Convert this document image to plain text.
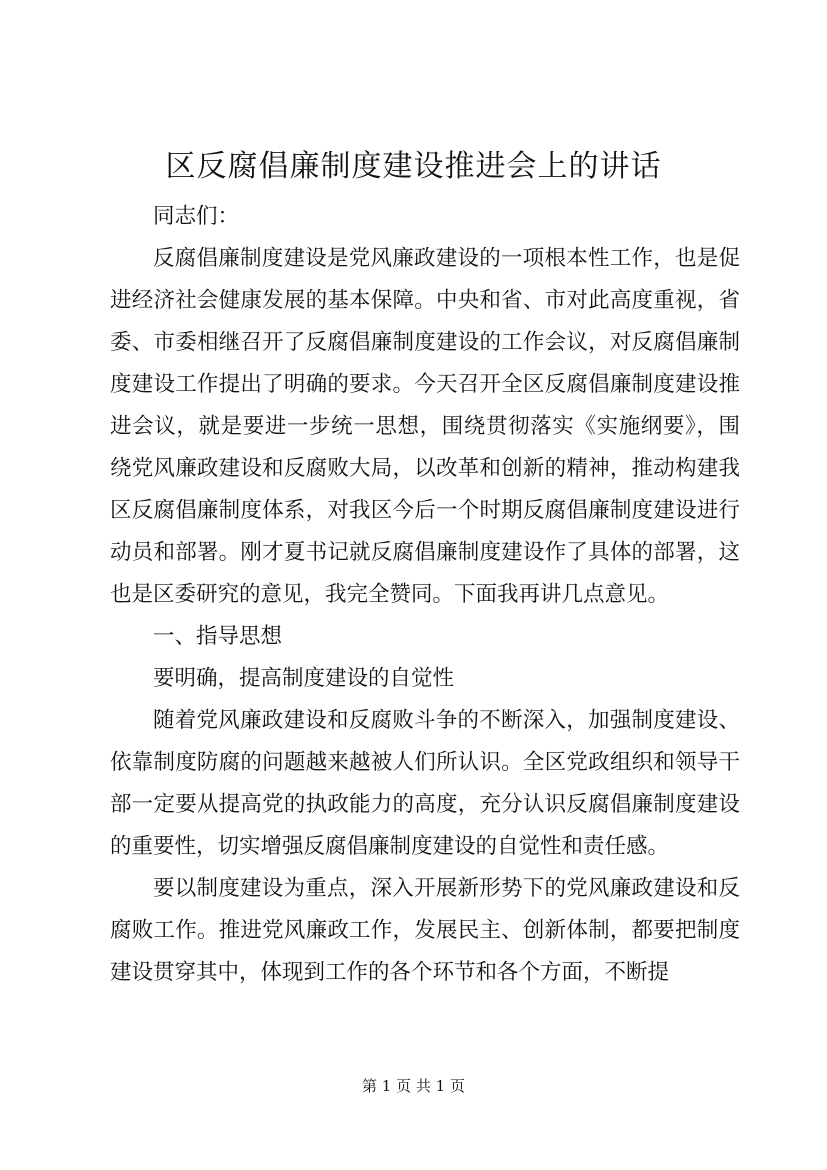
区反腐倡廉制度建设推进会上的讲话

同志们：

反腐倡廉制度建设是党风廉政建设的一项根本性工作，也是促进经济社会健康发展的基本保障。中央和省、市对此高度重视，省委、市委相继召开了反腐倡廉制度建设的工作会议，对反腐倡廉制度建设工作提出了明确的要求。今天召开全区反腐倡廉制度建设推进会议，就是要进一步统一思想，围绕贯彻落实《实施纲要》，围绕党风廉政建设和反腐败大局，以改革和创新的精神，推动构建我区反腐倡廉制度体系，对我区今后一个时期反腐倡廉制度建设进行动员和部署。刚才夏书记就反腐倡廉制度建设作了具体的部署，这也是区委研究的意见，我完全赞同。下面我再讲几点意见。

一、指导思想

要明确，提高制度建设的自觉性

随着党风廉政建设和反腐败斗争的不断深入，加强制度建设、依靠制度防腐的问题越来越被人们所认识。全区党政组织和领导干部一定要从提高党的执政能力的高度，充分认识反腐倡廉制度建设的重要性，切实增强反腐倡廉制度建设的自觉性和责任感。

要以制度建设为重点，深入开展新形势下的党风廉政建设和反腐败工作。推进党风廉政工作，发展民主、创新体制，都要把制度建设贯穿其中，体现到工作的各个环节和各个方面，不断提

第 1 页 共 1 页
